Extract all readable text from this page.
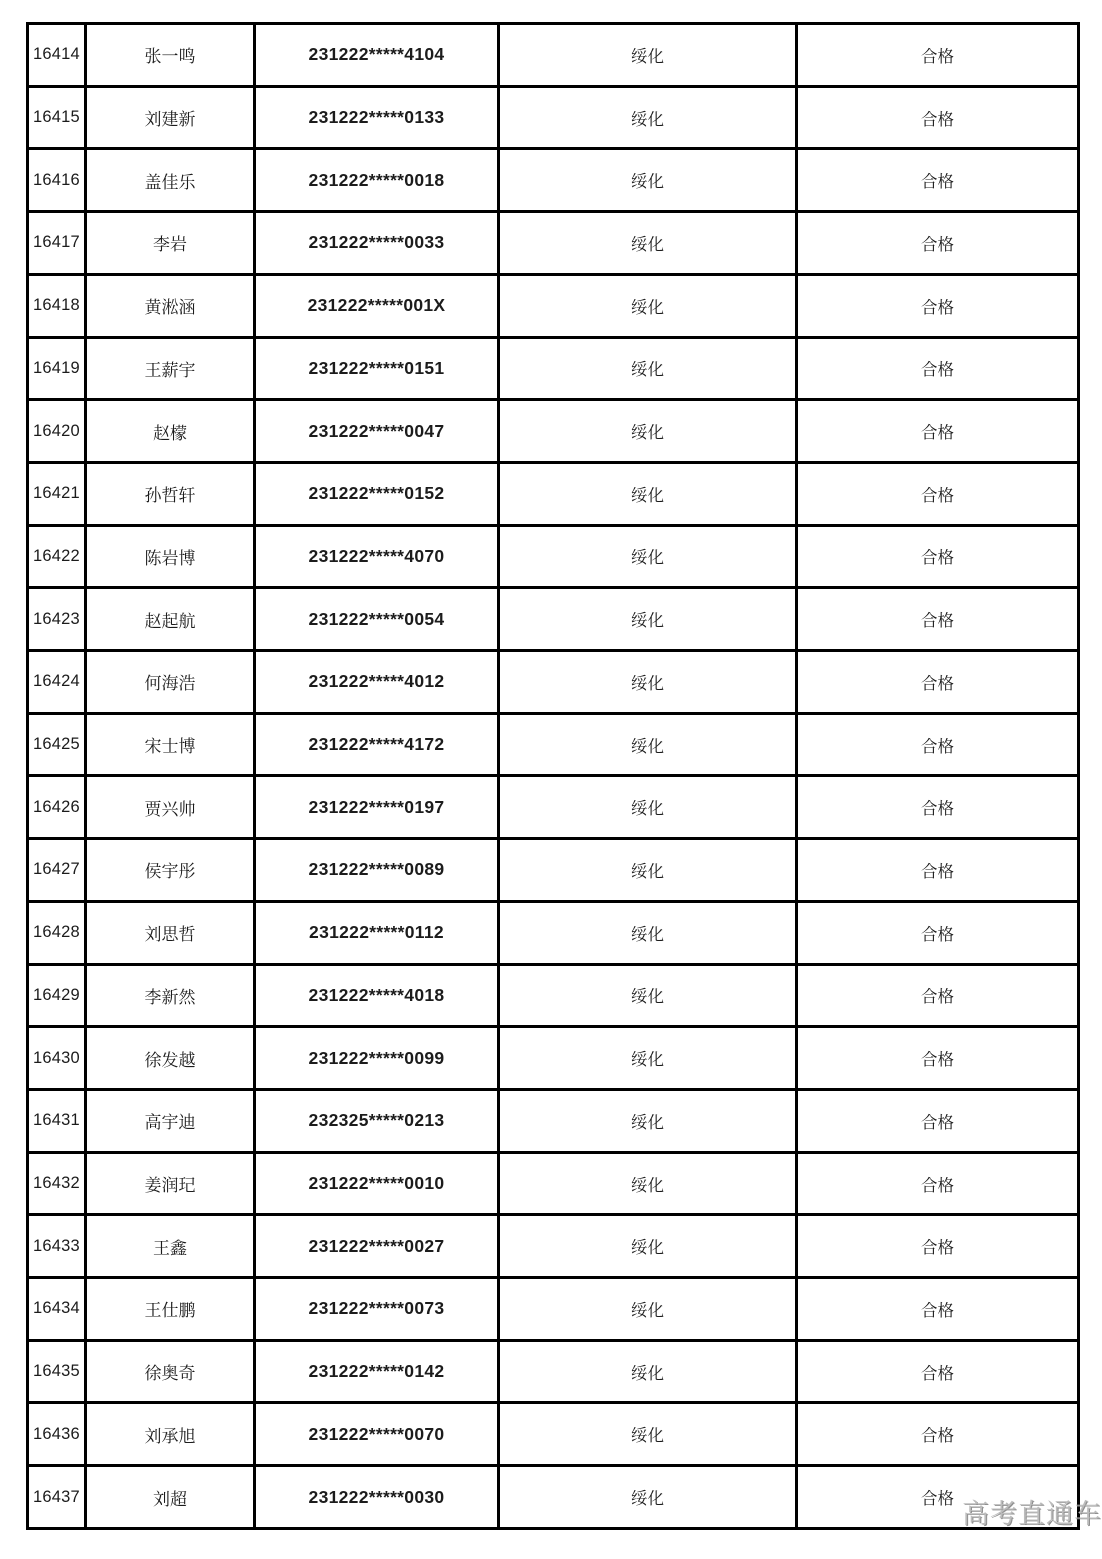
16414	张一鸣	231222*****4104	绥化	合格
16415	刘建新	231222*****0133	绥化	合格
16416	盖佳乐	231222*****0018	绥化	合格
16417	李岩	231222*****0033	绥化	合格
16418	黄淞涵	231222*****001X	绥化	合格
16419	王薪宇	231222*****0151	绥化	合格
16420	赵檬	231222*****0047	绥化	合格
16421	孙哲轩	231222*****0152	绥化	合格
16422	陈岩博	231222*****4070	绥化	合格
16423	赵起航	231222*****0054	绥化	合格
16424	何海浩	231222*****4012	绥化	合格
16425	宋士博	231222*****4172	绥化	合格
16426	贾兴帅	231222*****0197	绥化	合格
16427	侯宇彤	231222*****0089	绥化	合格
16428	刘思哲	231222*****0112	绥化	合格
16429	李新然	231222*****4018	绥化	合格
16430	徐发越	231222*****0099	绥化	合格
16431	高宇迪	232325*****0213	绥化	合格
16432	姜润玘	231222*****0010	绥化	合格
16433	王鑫	231222*****0027	绥化	合格
16434	王仕鹏	231222*****0073	绥化	合格
16435	徐奥奇	231222*****0142	绥化	合格
16436	刘承旭	231222*****0070	绥化	合格
16437	刘超	231222*****0030	绥化	合格 高考直通车
